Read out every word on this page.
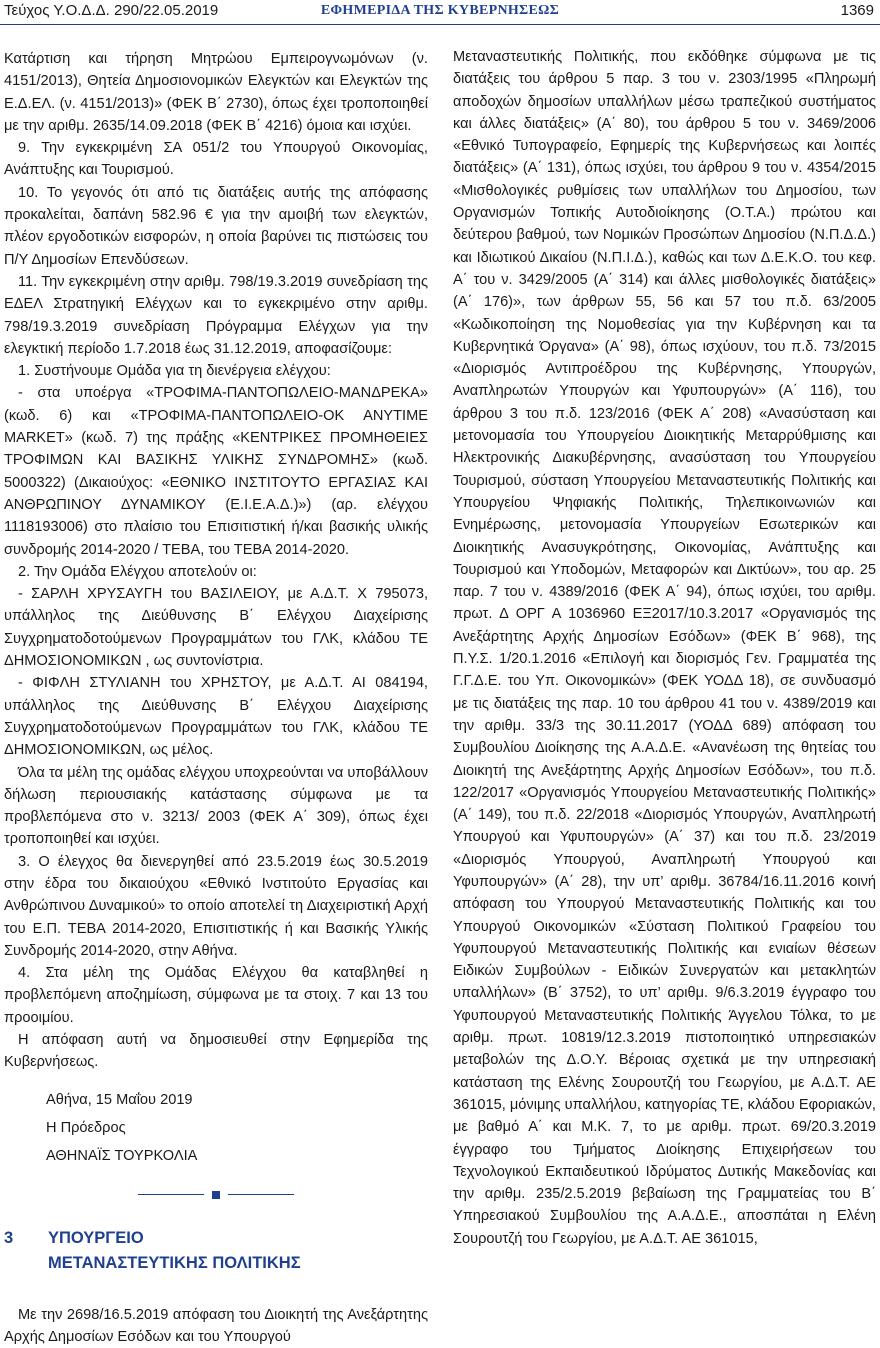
Τεύχος Υ.Ο.Δ.Δ. 290/22.05.2019	ΕΦΗΜΕΡΙΔΑ ΤΗΣ ΚΥΒΕΡΝΗΣΕΩΣ	1369

Κατάρτιση και τήρηση Μητρώου Εμπειρογνωμόνων (ν. 4151/2013), Θητεία Δημοσιονομικών Ελεγκτών και Ελεγκτών της Ε.Δ.ΕΛ. (ν. 4151/2013)» (ΦΕΚ Β΄ 2730), όπως έχει τροποποιηθεί με την αριθμ. 2635/14.09.2018 (ΦΕΚ Β΄ 4216) όμοια και ισχύει.

9. Την εγκεκριμένη ΣΑ 051/2 του Υπουργού Οικονομίας, Ανάπτυξης και Τουρισμού.

10. Το γεγονός ότι από τις διατάξεις αυτής της απόφασης προκαλείται, δαπάνη 582.96 € για την αμοιβή των ελεγκτών, πλέον εργοδοτικών εισφορών, η οποία βαρύνει τις πιστώσεις του Π/Υ Δημοσίων Επενδύσεων.

11. Την εγκεκριμένη στην αριθμ. 798/19.3.2019 συνεδρίαση της ΕΔΕΛ Στρατηγική Ελέγχων και το εγκεκριμένο στην αριθμ. 798/19.3.2019 συνεδρίαση Πρόγραμμα Ελέγχων για την ελεγκτική περίοδο 1.7.2018 έως 31.12.2019, αποφασίζουμε:

1. Συστήνουμε Ομάδα για τη διενέργεια ελέγχου:

- στα υποέργα «ΤΡΟΦΙΜΑ-ΠΑΝΤΟΠΩΛΕΙΟ-ΜΑΝΔΡΕΚΑ» (κωδ. 6) και «ΤΡΟΦΙΜΑ-ΠΑΝΤΟΠΩΛΕΙΟ-ΟΚ ΑΝΥΤΙΜΕ MARKET» (κωδ. 7) της πράξης «ΚΕΝΤΡΙΚΕΣ ΠΡΟΜΗΘΕΙΕΣ ΤΡΟΦΙΜΩΝ ΚΑΙ ΒΑΣΙΚΗΣ ΥΛΙΚΗΣ ΣΥΝΔΡΟΜΗΣ» (κωδ. 5000322) (Δικαιούχος: «ΕΘΝΙΚΟ ΙΝΣΤΙΤΟΥΤΟ ΕΡΓΑΣΙΑΣ ΚΑΙ ΑΝΘΡΩΠΙΝΟΥ ΔΥΝΑΜΙΚΟΥ (Ε.Ι.Ε.Α.Δ.)») (αρ. ελέγχου 1118193006) στο πλαίσιο του Επισιτιστική ή/και βασικής υλικής συνδρομής 2014-2020 / ΤΕΒΑ, του ΤΕΒΑ 2014-2020.

2. Την Ομάδα Ελέγχου αποτελούν οι:

- ΣΑΡΛΗ ΧΡΥΣΑΥΓΗ του ΒΑΣΙΛΕΙΟΥ, με Α.Δ.Τ. Χ 795073, υπάλληλος της Διεύθυνσης Β΄ Ελέγχου Διαχείρισης Συγχρηματοδοτούμενων Προγραμμάτων του ΓΛΚ, κλάδου ΤΕ ΔΗΜΟΣΙΟΝΟΜΙΚΩΝ , ως συντονίστρια.

- ΦΙΦΛΗ ΣΤΥΛΙΑΝΗ του ΧΡΗΣΤΟΥ, με Α.Δ.Τ. ΑΙ 084194, υπάλληλος της Διεύθυνσης Β΄ Ελέγχου Διαχείρισης Συγχρηματοδοτούμενων Προγραμμάτων του ΓΛΚ, κλάδου ΤΕ ΔΗΜΟΣΙΟΝΟΜΙΚΩΝ, ως μέλος.

Όλα τα μέλη της ομάδας ελέγχου υποχρεούνται να υποβάλλουν δήλωση περιουσιακής κατάστασης σύμφωνα με τα προβλεπόμενα στο ν. 3213/ 2003 (ΦΕΚ Α΄ 309), όπως έχει τροποποιηθεί και ισχύει.

3. Ο έλεγχος θα διενεργηθεί από 23.5.2019 έως 30.5.2019 στην έδρα του δικαιούχου «Εθνικό Ινστιτούτο Εργασίας και Ανθρώπινου Δυναμικού» το οποίο αποτελεί τη Διαχειριστική Αρχή του Ε.Π. ΤΕΒΑ 2014-2020, Επισιτιστικής ή και Βασικής Υλικής Συνδρομής 2014-2020, στην Αθήνα.

4. Στα μέλη της Ομάδας Ελέγχου θα καταβληθεί η προβλεπόμενη αποζημίωση, σύμφωνα με τα στοιχ. 7 και 13 του προοιμίου.

Η απόφαση αυτή να δημοσιευθεί στην Εφημερίδα της Κυβερνήσεως.

Αθήνα, 15 Μαΐου 2019

Η Πρόεδρος

ΑΘΗΝΑΪΣ ΤΟΥΡΚΟΛΙΑ

3 ΥΠΟΥΡΓΕΙΟ
ΜΕΤΑΝΑΣΤΕΥΤΙΚΗΣ ΠΟΛΙΤΙΚΗΣ

Με την 2698/16.5.2019 απόφαση του Διοικητή της Ανεξάρτητης Αρχής Δημοσίων Εσόδων και του Υπουργού

Μεταναστευτικής Πολιτικής, που εκδόθηκε σύμφωνα με τις διατάξεις του άρθρου 5 παρ. 3 του ν. 2303/1995 «Πληρωμή αποδοχών δημοσίων υπαλλήλων μέσω τραπεζικού συστήματος και άλλες διατάξεις» (Α΄ 80), του άρθρου 5 του ν. 3469/2006 «Εθνικό Τυπογραφείο, Εφημερίς της Κυβερνήσεως και λοιπές διατάξεις» (Α΄ 131), όπως ισχύει, του άρθρου 9 του ν. 4354/2015 «Μισθολογικές ρυθμίσεις των υπαλλήλων του Δημοσίου, των Οργανισμών Τοπικής Αυτοδιοίκησης (Ο.Τ.Α.) πρώτου και δεύτερου βαθμού, των Νομικών Προσώπων Δημοσίου (Ν.Π.Δ.Δ.) και Ιδιωτικού Δικαίου (Ν.Π.Ι.Δ.), καθώς και των Δ.Ε.Κ.Ο. του κεφ. Α΄ του ν. 3429/2005 (Α΄ 314) και άλλες μισθολογικές διατάξεις» (Α΄ 176)», των άρθρων 55, 56 και 57 του π.δ. 63/2005 «Κωδικοποίηση της Νομοθεσίας για την Κυβέρνηση και τα Κυβερνητικά Όργανα» (Α΄ 98), όπως ισχύουν, του π.δ. 73/2015 «Διορισμός Αντιπροέδρου της Κυβέρνησης, Υπουργών, Αναπληρωτών Υπουργών και Υφυπουργών» (Α΄ 116), του άρθρου 3 του π.δ. 123/2016 (ΦΕΚ Α΄ 208) «Ανασύσταση και μετονομασία του Υπουργείου Διοικητικής Μεταρρύθμισης και Ηλεκτρονικής Διακυβέρνησης, ανασύσταση του Υπουργείου Τουρισμού, σύσταση Υπουργείου Μεταναστευτικής Πολιτικής και Υπουργείου Ψηφιακής Πολιτικής, Τηλεπικοινωνιών και Ενημέρωσης, μετονομασία Υπουργείων Εσωτερικών και Διοικητικής Ανασυγκρότησης, Οικονομίας, Ανάπτυξης και Τουρισμού και Υποδομών, Μεταφορών και Δικτύων», του αρ. 25 παρ. 7 του ν. 4389/2016 (ΦΕΚ Α΄ 94), όπως ισχύει, του αριθμ. πρωτ. Δ ΟΡΓ Α 1036960 ΕΞ2017/10.3.2017 «Οργανισμός της Ανεξάρτητης Αρχής Δημοσίων Εσόδων» (ΦΕΚ Β΄ 968), της Π.Υ.Σ. 1/20.1.2016 «Επιλογή και διορισμός Γεν. Γραμματέα της Γ.Γ.Δ.Ε. του Υπ. Οικονομικών» (ΦΕΚ ΥΟΔΔ 18), σε συνδυασμό με τις διατάξεις της παρ. 10 του άρθρου 41 του ν. 4389/2019 και την αριθμ. 33/3 της 30.11.2017 (ΥΟΔΔ 689) απόφαση του Συμβουλίου Διοίκησης της Α.Α.Δ.Ε. «Ανανέωση της θητείας του Διοικητή της Ανεξάρτητης Αρχής Δημοσίων Εσόδων», του π.δ. 122/2017 «Οργανισμός Υπουργείου Μεταναστευτικής Πολιτικής» (Α΄ 149), του π.δ. 22/2018 «Διορισμός Υπουργών, Αναπληρωτή Υπουργού και Υφυπουργών» (Α΄ 37) και του π.δ. 23/2019 «Διορισμός Υπουργού, Αναπληρωτή Υπουργού και Υφυπουργών» (Α΄ 28), την υπ’ αριθμ. 36784/16.11.2016 κοινή απόφαση του Υπουργού Μεταναστευτικής Πολιτικής και του Υπουργού Οικονομικών «Σύσταση Πολιτικού Γραφείου του Υφυπουργού Μεταναστευτικής Πολιτικής και ενιαίων θέσεων Ειδικών Συμβούλων - Ειδικών Συνεργατών και μετακλητών υπαλλήλων» (Β΄ 3752), το υπ’ αριθμ. 9/6.3.2019 έγγραφο του Υφυπουργού Μεταναστευτικής Πολιτικής Άγγελου Τόλκα, το με αριθμ. πρωτ. 10819/12.3.2019 πιστοποιητικό υπηρεσιακών μεταβολών της Δ.Ο.Υ. Βέροιας σχετικά με την υπηρεσιακή κατάσταση της Ελένης Σουρουτζή του Γεωργίου, με Α.Δ.Τ. ΑΕ 361015, μόνιμης υπαλλήλου, κατηγορίας ΤΕ, κλάδου Εφοριακών, με βαθμό Α΄ και Μ.Κ. 7, το με αριθμ. πρωτ. 69/20.3.2019 έγγραφο του Τμήματος Διοίκησης Επιχειρήσεων του Τεχνολογικού Εκπαιδευτικού Ιδρύματος Δυτικής Μακεδονίας και την αριθμ. 235/2.5.2019 βεβαίωση της Γραμματείας του Β΄ Υπηρεσιακού Συμβουλίου της Α.Α.Δ.Ε., αποσπάται η Ελένη Σουρουτζή του Γεωργίου, με Α.Δ.Τ. ΑΕ 361015,
